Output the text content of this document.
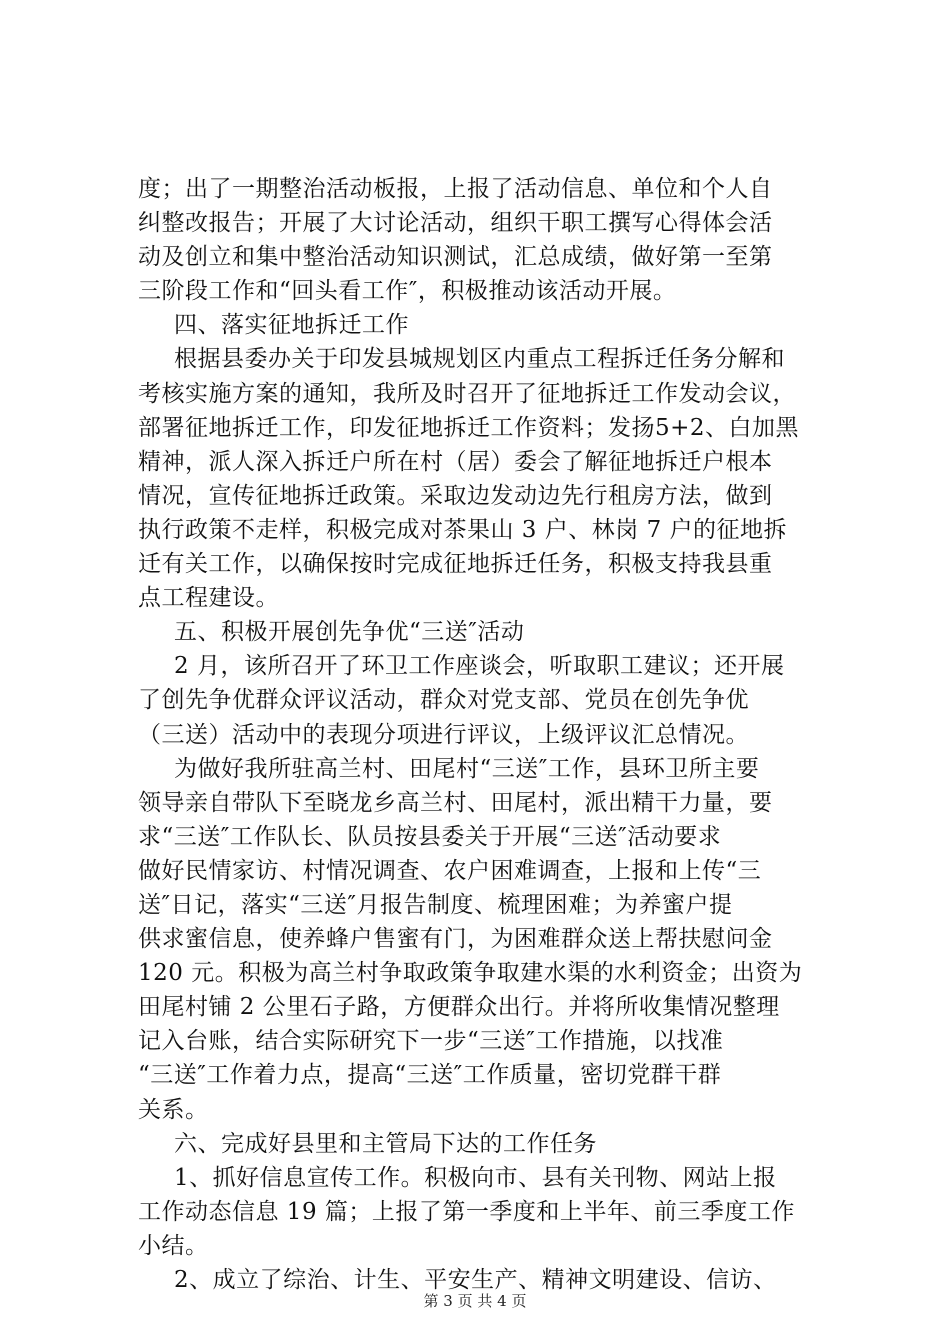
度；出了一期整治活动板报，上报了活动信息、单位和个人自
纠整改报告；开展了大讨论活动，组织干职工撰写心得体会活
动及创立和集中整治活动知识测试，汇总成绩，做好第一至第
三阶段工作和“回头看工作″，积极推动该活动开展。
四、落实征地拆迁工作
根据县委办关于印发县城规划区内重点工程拆迁任务分解和
考核实施方案的通知，我所及时召开了征地拆迁工作发动会议，
部署征地拆迁工作，印发征地拆迁工作资料；发扬5+2、白加黑
精神，派人深入拆迁户所在村（居）委会了解征地拆迁户根本
情况，宣传征地拆迁政策。采取边发动边先行租房方法，做到
执行政策不走样，积极完成对茶果山 3 户、林岗 7 户的征地拆
迁有关工作，以确保按时完成征地拆迁任务，积极支持我县重
点工程建设。
五、积极开展创先争优“三送″活动
2 月，该所召开了环卫工作座谈会，听取职工建议；还开展
了创先争优群众评议活动，群众对党支部、党员在创先争优
（三送）活动中的表现分项进行评议，上级评议汇总情况。
为做好我所驻高兰村、田尾村“三送″工作，县环卫所主要
领导亲自带队下至晓龙乡高兰村、田尾村，派出精干力量，要
求“三送″工作队长、队员按县委关于开展“三送″活动要求
做好民情家访、村情况调查、农户困难调查，上报和上传“三
送″日记，落实“三送″月报告制度、梳理困难；为养蜜户提
供求蜜信息，使养蜂户售蜜有门，为困难群众送上帮扶慰问金
120 元。积极为高兰村争取政策争取建水渠的水利资金；出资为
田尾村铺 2 公里石子路，方便群众出行。并将所收集情况整理
记入台账，结合实际研究下一步“三送″工作措施，以找准
“三送″工作着力点，提高“三送″工作质量，密切党群干群
关系。
六、完成好县里和主管局下达的工作任务
1、抓好信息宣传工作。积极向市、县有关刊物、网站上报
工作动态信息 19 篇；上报了第一季度和上半年、前三季度工作
小结。
2、成立了综治、计生、平安生产、精神文明建设、信访、
第 3 页 共 4 页
